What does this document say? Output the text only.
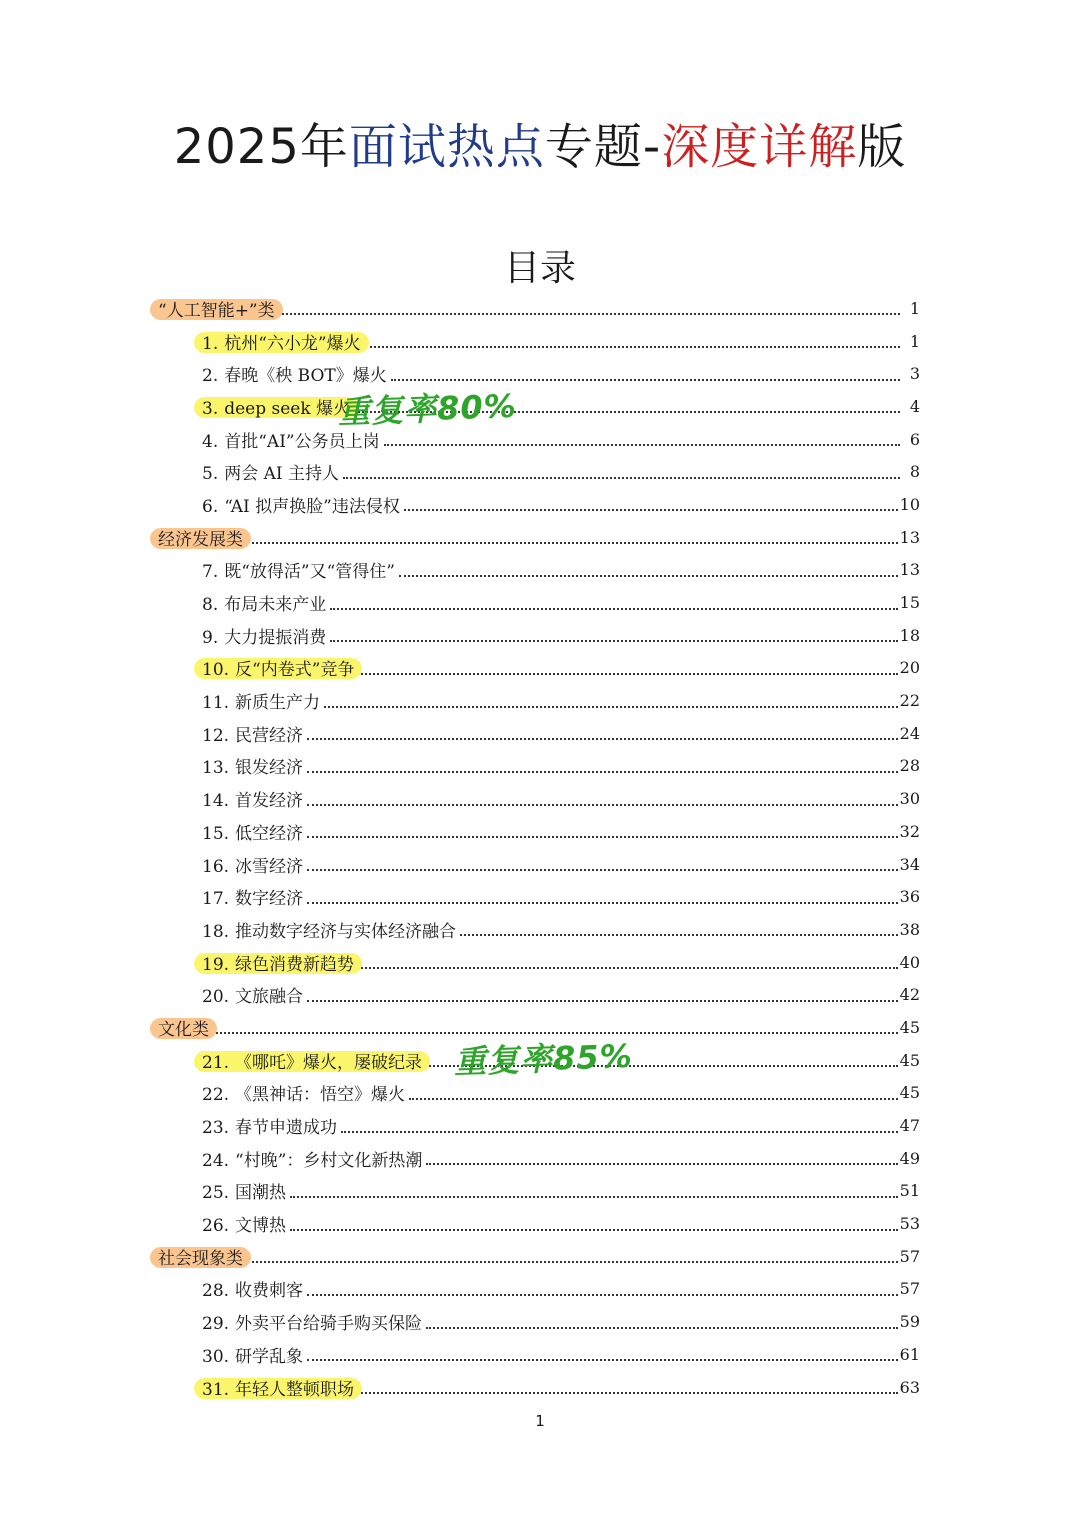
2025年面试热点专题-深度详解版
目录
“人工智能+”类	1
1. 杭州“六小龙”爆火	1
2. 春晚《秧 BOT》爆火	3
3. deep seek 爆火	4
4. 首批“AI”公务员上岗	6
5. 两会 AI 主持人	8
6. “AI 拟声换脸”违法侵权	10
经济发展类	13
7. 既“放得活”又“管得住”	13
8. 布局未来产业	15
9. 大力提振消费	18
10. 反“内卷式”竞争	20
11. 新质生产力	22
12. 民营经济	24
13. 银发经济	28
14. 首发经济	30
15. 低空经济	32
16. 冰雪经济	34
17. 数字经济	36
18. 推动数字经济与实体经济融合	38
19. 绿色消费新趋势	40
20. 文旅融合	42
文化类	45
21. 《哪吒》爆火，屡破纪录	45
22. 《黑神话：悟空》爆火	45
23. 春节申遗成功	47
24. “村晚”：乡村文化新热潮	49
25. 国潮热	51
26. 文博热	53
社会现象类	57
28. 收费刺客	57
29. 外卖平台给骑手购买保险	59
30. 研学乱象	61
31. 年轻人整顿职场	63
重复率80%
重复率85%
1
